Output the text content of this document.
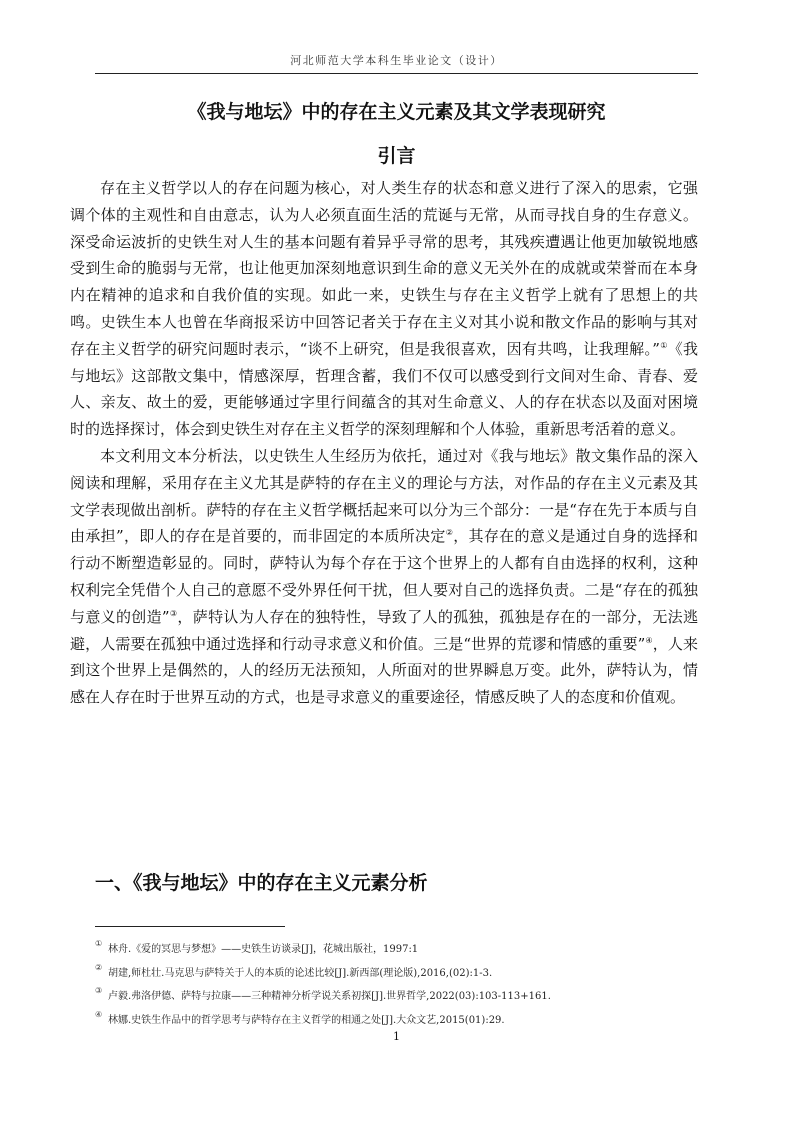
河北师范大学本科生毕业论文（设计）
《我与地坛》中的存在主义元素及其文学表现研究
引言

存在主义哲学以人的存在问题为核心，对人类生存的状态和意义进行了深入的思索，它强调个体的主观性和自由意志，认为人必须直面生活的荒诞与无常，从而寻找自身的生存意义。深受命运波折的史铁生对人生的基本问题有着异乎寻常的思考，其残疾遭遇让他更加敏锐地感受到生命的脆弱与无常，也让他更加深刻地意识到生命的意义无关外在的成就或荣誉而在本身内在精神的追求和自我价值的实现。如此一来，史铁生与存在主义哲学上就有了思想上的共鸣。史铁生本人也曾在华商报采访中回答记者关于存在主义对其小说和散文作品的影响与其对存在主义哲学的研究问题时表示，“谈不上研究，但是我很喜欢，因有共鸣，让我理解。”①《我与地坛》这部散文集中，情感深厚，哲理含蓄，我们不仅可以感受到行文间对生命、青春、爱人、亲友、故土的爱，更能够通过字里行间蕴含的其对生命意义、人的存在状态以及面对困境时的选择探讨，体会到史铁生对存在主义哲学的深刻理解和个人体验，重新思考活着的意义。

本文利用文本分析法，以史铁生人生经历为依托，通过对《我与地坛》散文集作品的深入阅读和理解，采用存在主义尤其是萨特的存在主义的理论与方法，对作品的存在主义元素及其文学表现做出剖析。萨特的存在主义哲学概括起来可以分为三个部分：一是“存在先于本质与自由承担”，即人的存在是首要的，而非固定的本质所决定②，其存在的意义是通过自身的选择和行动不断塑造彰显的。同时，萨特认为每个存在于这个世界上的人都有自由选择的权利，这种权利完全凭借个人自己的意愿不受外界任何干扰，但人要对自己的选择负责。二是“存在的孤独与意义的创造”③，萨特认为人存在的独特性，导致了人的孤独，孤独是存在的一部分，无法逃避，人需要在孤独中通过选择和行动寻求意义和价值。三是“世界的荒谬和情感的重要”④，人来到这个世界上是偶然的，人的经历无法预知，人所面对的世界瞬息万变。此外，萨特认为，情感在人存在时于世界互动的方式，也是寻求意义的重要途径，情感反映了人的态度和价值观。

一、《我与地坛》中的存在主义元素分析
①
林舟.《爱的冥思与梦想》——史铁生访谈录[J]，花城出版社，1997:1
②
胡建,师杜壮.马克思与萨特关于人的本质的论述比较[J].新西部(理论版),2016,(02):1-3.
③
卢毅.弗洛伊德、萨特与拉康——三种精神分析学说关系初探[J].世界哲学,2022(03):103-113+161.
④
林娜.史铁生作品中的哲学思考与萨特存在主义哲学的相通之处[J].大众文艺,2015(01):29.
1
